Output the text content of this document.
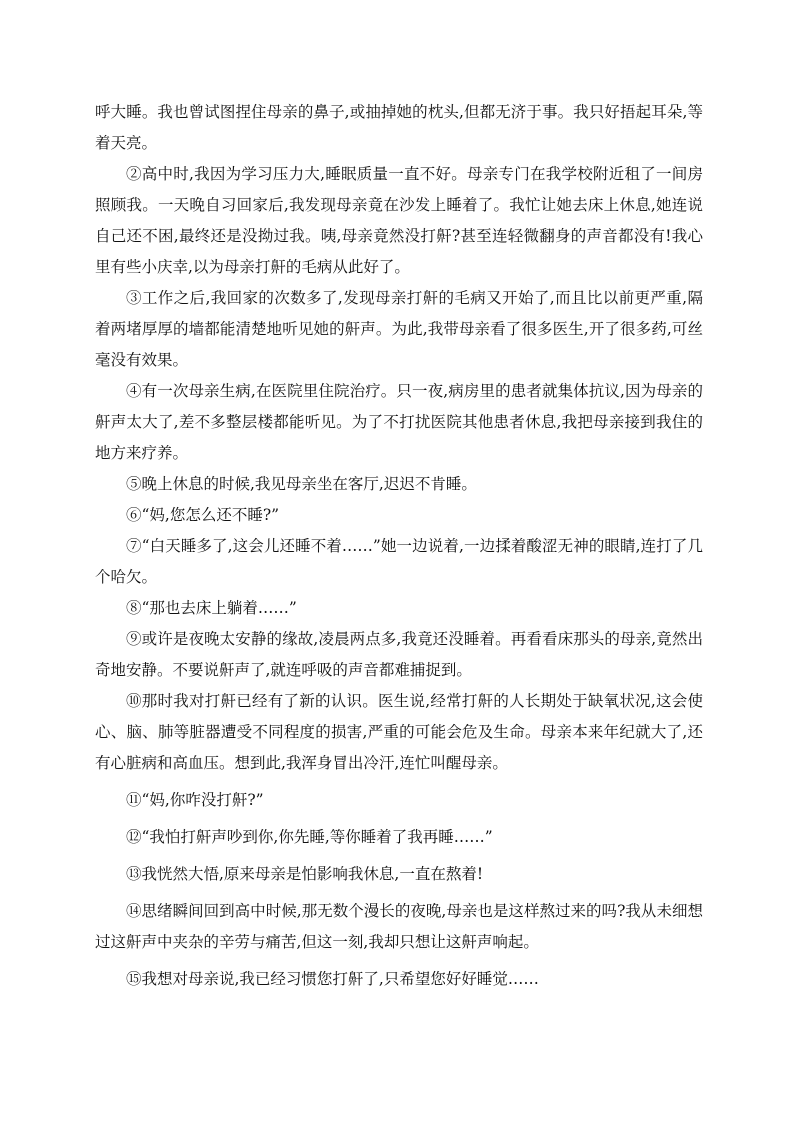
呼大睡。我也曾试图捏住母亲的鼻子,或抽掉她的枕头,但都无济于事。我只好捂起耳朵,等着天亮。

②高中时,我因为学习压力大,睡眠质量一直不好。母亲专门在我学校附近租了一间房照顾我。一天晚自习回家后,我发现母亲竟在沙发上睡着了。我忙让她去床上休息,她连说自己还不困,最终还是没拗过我。咦,母亲竟然没打鼾?甚至连轻微翻身的声音都没有!我心里有些小庆幸,以为母亲打鼾的毛病从此好了。

③工作之后,我回家的次数多了,发现母亲打鼾的毛病又开始了,而且比以前更严重,隔着两堵厚厚的墙都能清楚地听见她的鼾声。为此,我带母亲看了很多医生,开了很多药,可丝毫没有效果。

④有一次母亲生病,在医院里住院治疗。只一夜,病房里的患者就集体抗议,因为母亲的鼾声太大了,差不多整层楼都能听见。为了不打扰医院其他患者休息,我把母亲接到我住的地方来疗养。

⑤晚上休息的时候,我见母亲坐在客厅,迟迟不肯睡。

⑥“妈,您怎么还不睡?”

⑦“白天睡多了,这会儿还睡不着……”她一边说着,一边揉着酸涩无神的眼睛,连打了几个哈欠。

⑧“那也去床上躺着……”

⑨或许是夜晚太安静的缘故,凌晨两点多,我竟还没睡着。再看看床那头的母亲,竟然出奇地安静。不要说鼾声了,就连呼吸的声音都难捕捉到。

⑩那时我对打鼾已经有了新的认识。医生说,经常打鼾的人长期处于缺氧状况,这会使心、脑、肺等脏器遭受不同程度的损害,严重的可能会危及生命。母亲本来年纪就大了,还有心脏病和高血压。想到此,我浑身冒出冷汗,连忙叫醒母亲。

⑪“妈,你咋没打鼾?”

⑫“我怕打鼾声吵到你,你先睡,等你睡着了我再睡……”

⑬我恍然大悟,原来母亲是怕影响我休息,一直在熬着!

⑭思绪瞬间回到高中时候,那无数个漫长的夜晚,母亲也是这样熬过来的吗?我从未细想过这鼾声中夹杂的辛劳与痛苦,但这一刻,我却只想让这鼾声响起。

⑮我想对母亲说,我已经习惯您打鼾了,只希望您好好睡觉……
